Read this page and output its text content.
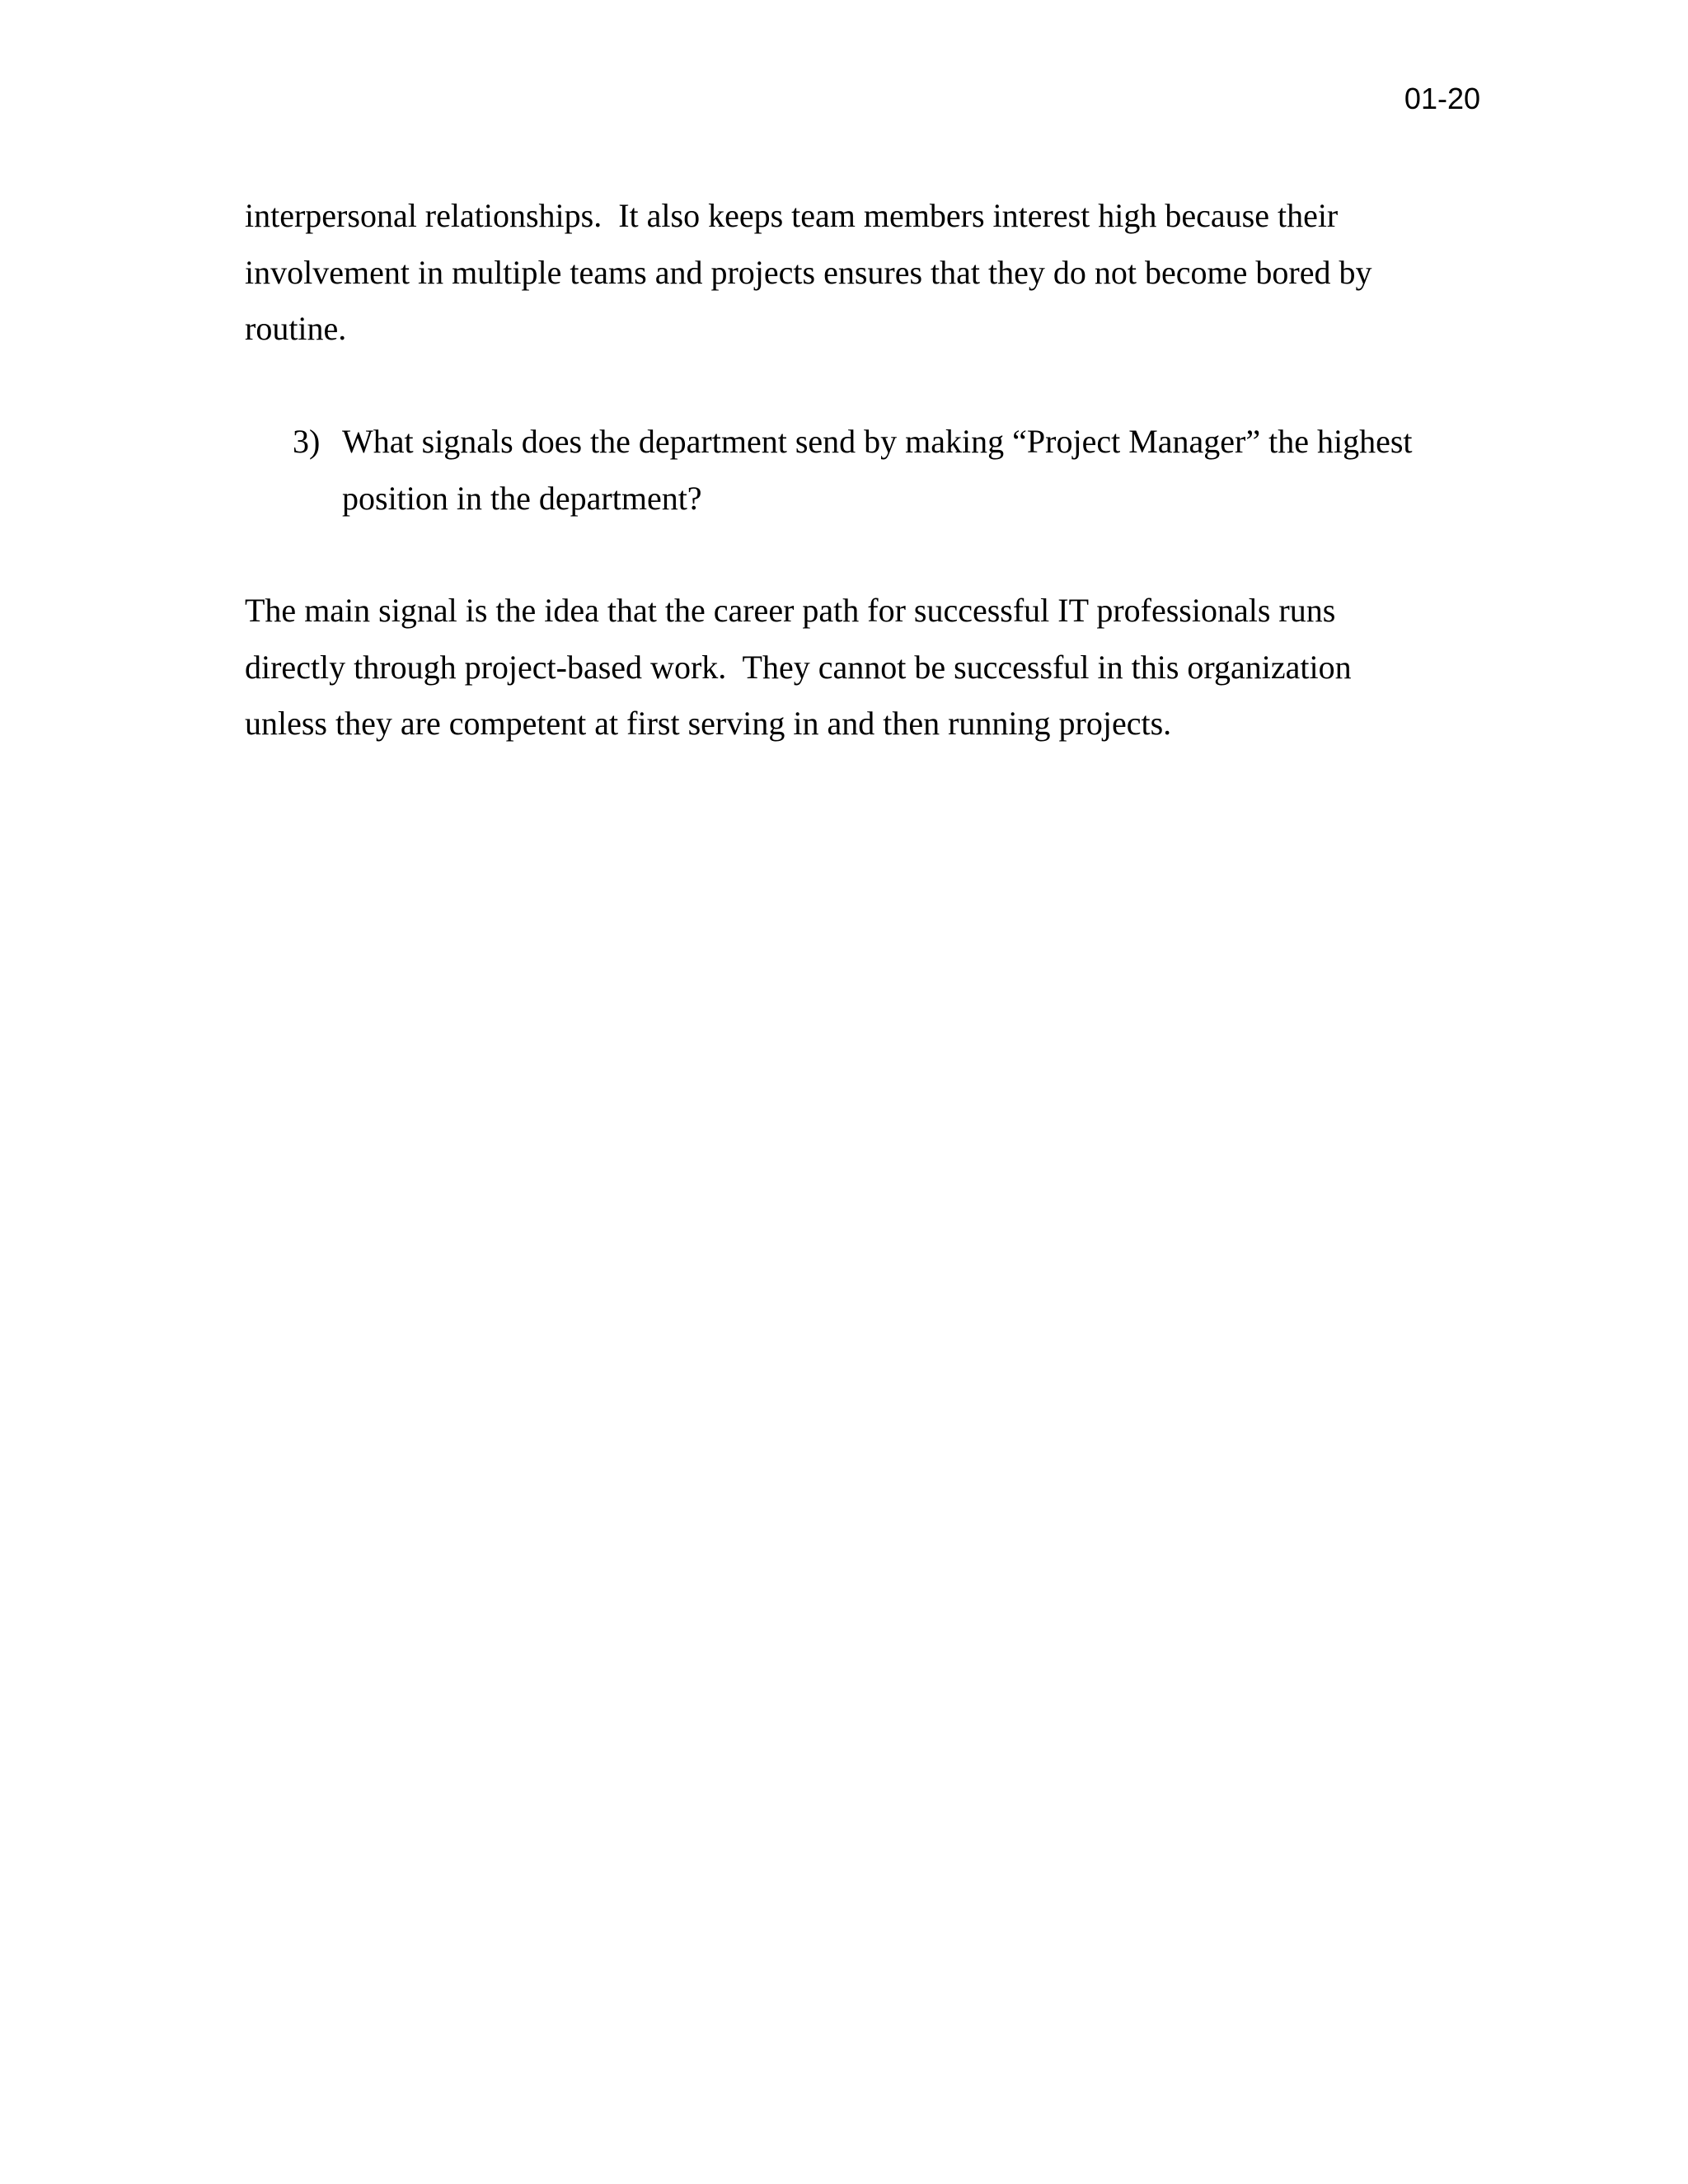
01-20

interpersonal relationships.  It also keeps team members interest high because their
involvement in multiple teams and projects ensures that they do not become bored by
routine.

3) What signals does the department send by making “Project Manager” the highest
position in the department?

The main signal is the idea that the career path for successful IT professionals runs
directly through project-based work.  They cannot be successful in this organization
unless they are competent at first serving in and then running projects.
